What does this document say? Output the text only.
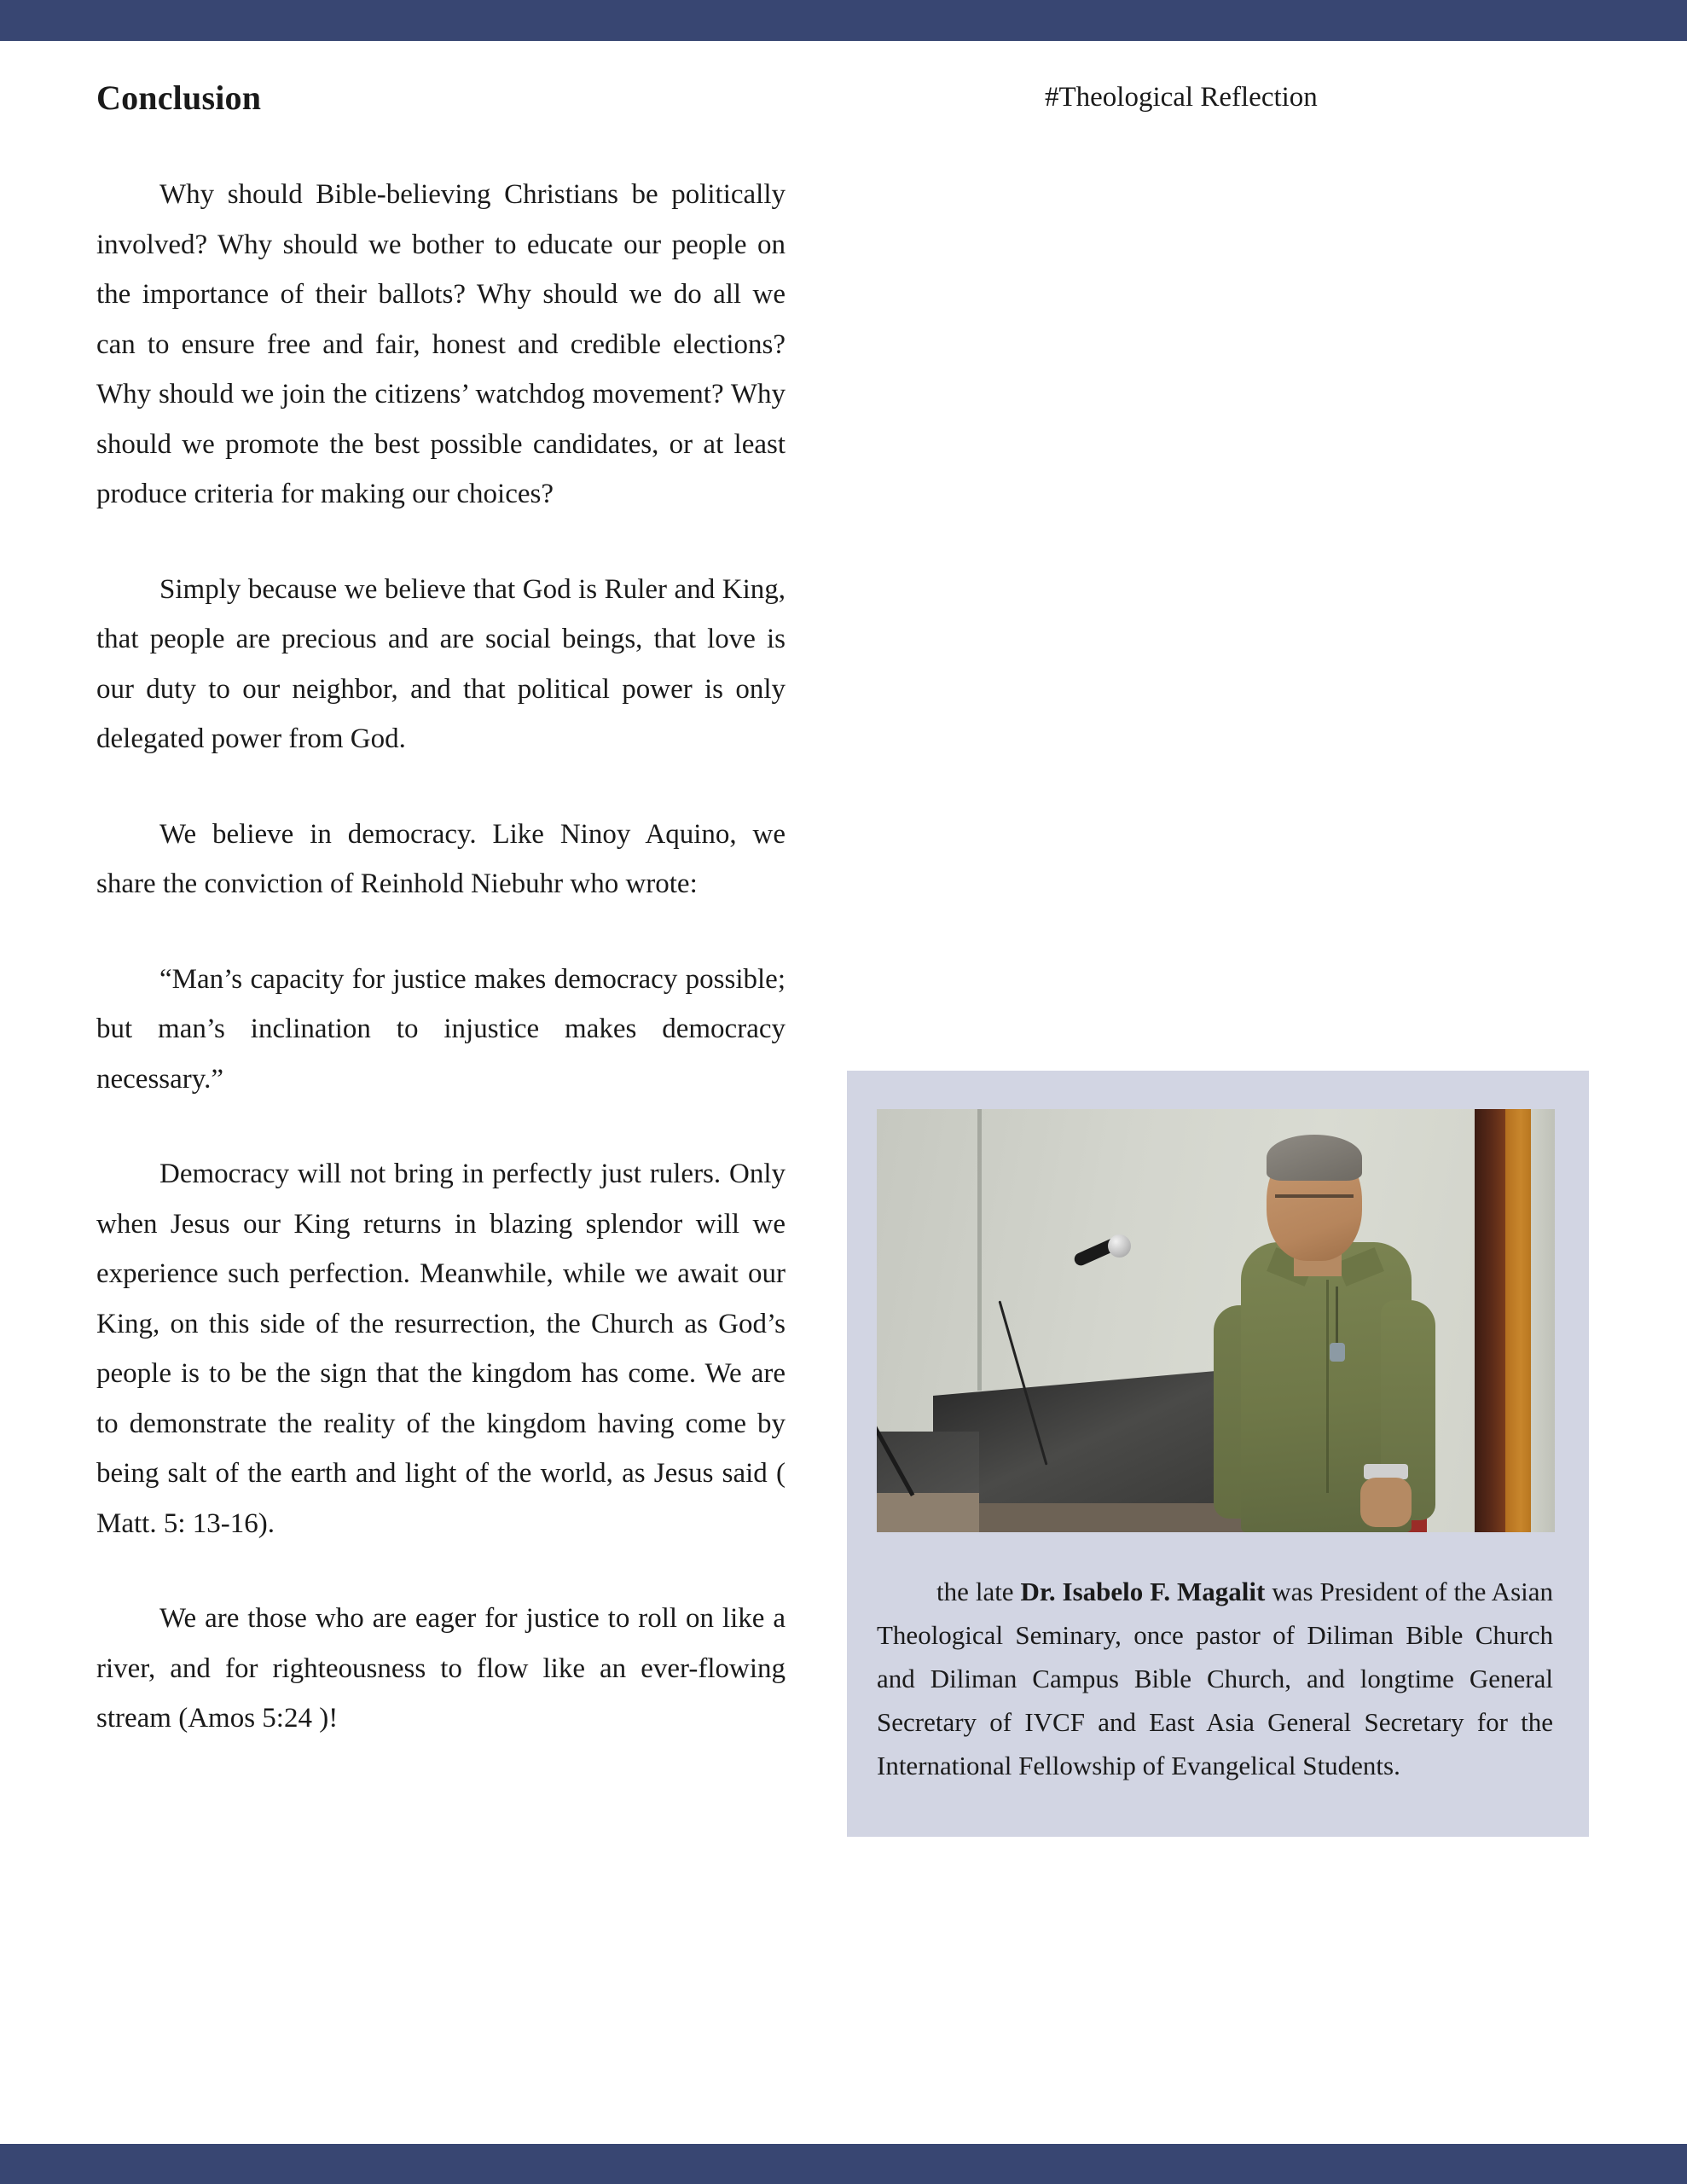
Conclusion

Why should Bible-believing Christians be politically involved? Why should we bother to educate our people on the importance of their ballots? Why should we do all we can to ensure free and fair, honest and credible elections? Why should we join the citizens’ watchdog movement? Why should we promote the best possible candidates, or at least produce criteria for making our choices?

Simply because we believe that God is Ruler and King, that people are precious and are social beings, that love is our duty to our neighbor, and that political power is only delegated power from God.

We believe in democracy. Like Ninoy Aquino, we share the conviction of Reinhold Niebuhr who wrote:

“Man’s capacity for justice makes democracy possible; but man’s inclination to injustice makes democracy necessary.”

Democracy will not bring in perfectly just rulers. Only when Jesus our King returns in blazing splendor will we experience such perfection. Meanwhile, while we await our King, on this side of the resurrection, the Church as God’s people is to be the sign that the kingdom has come. We are to demonstrate the reality of the kingdom having come by being salt of the earth and light of the world, as Jesus said ( Matt. 5: 13-16).

We are those who are eager for justice to roll on like a river, and for righteousness to flow like an ever-flowing stream (Amos 5:24 )!

#Theological Reflection

the late Dr. Isabelo F. Magalit was President of the Asian Theological Seminary, once pastor of Diliman Bible Church and Diliman Campus Bible Church, and longtime General Secretary of IVCF and East Asia General Secretary for the International Fellowship of Evangelical Students.
